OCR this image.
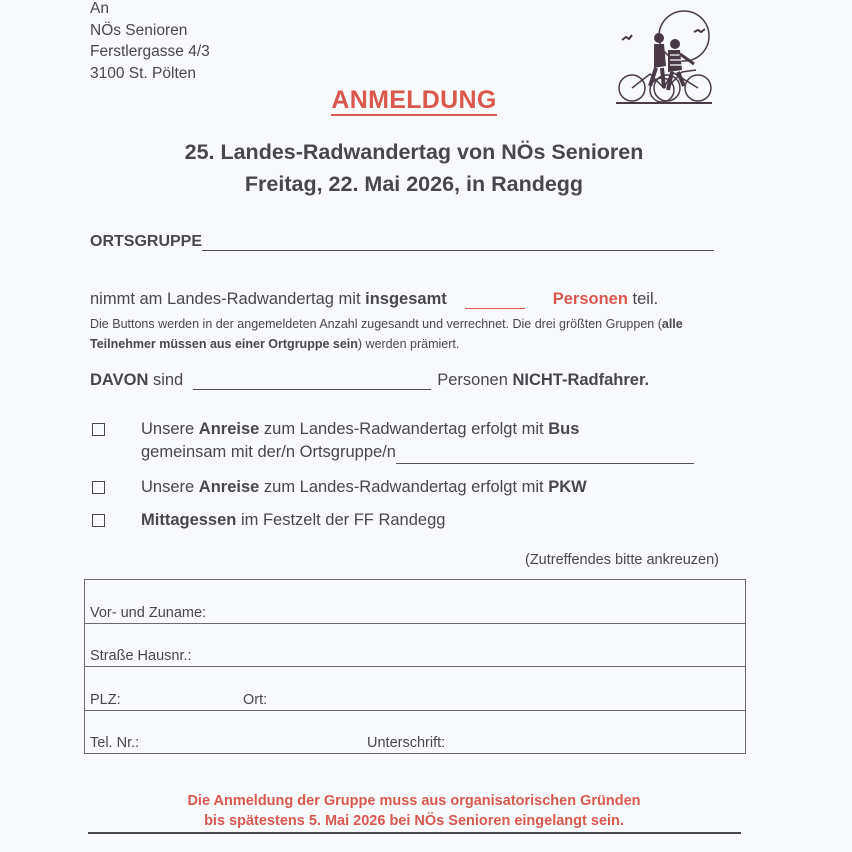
An
NÖs Senioren
Ferstlergasse 4/3
3100 St. Pölten
ANMELDUNG
25. Landes-Radwandertag von NÖs Senioren
Freitag, 22. Mai 2026, in Randegg
ORTSGRUPPE
nimmt am Landes-Radwandertag mit insgesamt	Personen teil.
Die Buttons werden in der angemeldeten Anzahl zugesandt und verrechnet. Die drei größten Gruppen (alle Teilnehmer müssen aus einer Ortgruppe sein) werden prämiert.
DAVON sind	Personen NICHT-Radfahrer.
Unsere Anreise zum Landes-Radwandertag erfolgt mit Bus
gemeinsam mit der/n Ortsgruppe/n
Unsere Anreise zum Landes-Radwandertag erfolgt mit PKW
Mittagessen im Festzelt der FF Randegg
(Zutreffendes bitte ankreuzen)
Vor- und Zuname:
Straße Hausnr.:
PLZ:	Ort:
Tel. Nr.:	Unterschrift:
Die Anmeldung der Gruppe muss aus organisatorischen Gründen
bis spätestens 5. Mai 2026 bei NÖs Senioren eingelangt sein.
